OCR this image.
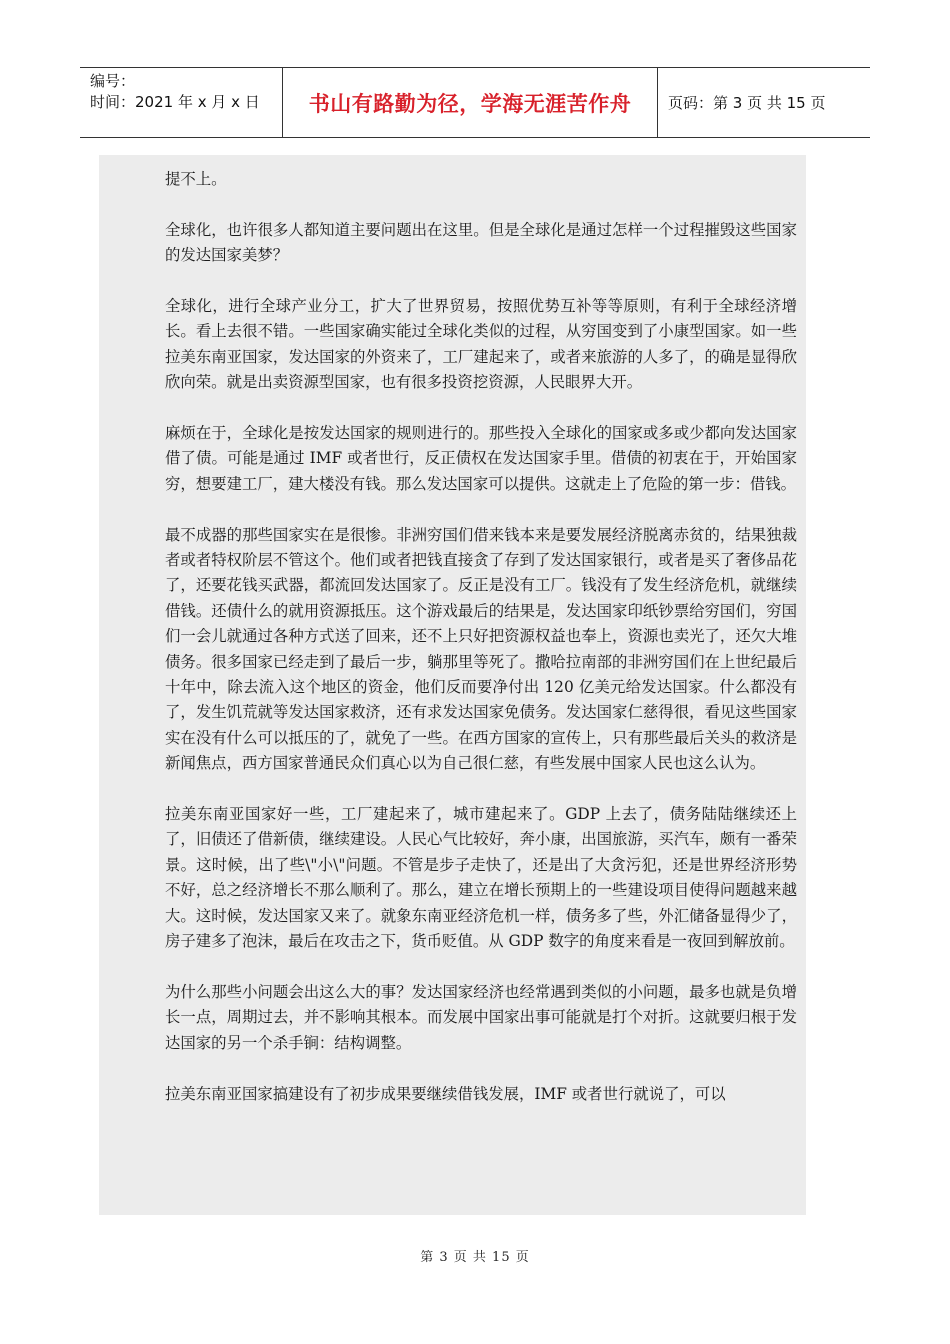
编号：
时间：2021 年 x 月 x 日	书山有路勤为径，学海无涯苦作舟 页码：第 3 页 共 15 页

提不上。

全球化，也许很多人都知道主要问题出在这里。但是全球化是通过怎样一个过程摧毁这些国家的发达国家美梦？

全球化，进行全球产业分工，扩大了世界贸易，按照优势互补等等原则，有利于全球经济增长。看上去很不错。一些国家确实能过全球化类似的过程，从穷国变到了小康型国家。如一些拉美东南亚国家，发达国家的外资来了，工厂建起来了，或者来旅游的人多了，的确是显得欣欣向荣。就是出卖资源型国家，也有很多投资挖资源，人民眼界大开。

麻烦在于，全球化是按发达国家的规则进行的。那些投入全球化的国家或多或少都向发达国家借了债。可能是通过 IMF 或者世行，反正债权在发达国家手里。借债的初衷在于，开始国家穷，想要建工厂，建大楼没有钱。那么发达国家可以提供。这就走上了危险的第一步：借钱。

最不成器的那些国家实在是很惨。非洲穷国们借来钱本来是要发展经济脱离赤贫的，结果独裁者或者特权阶层不管这个。他们或者把钱直接贪了存到了发达国家银行，或者是买了奢侈品花了，还要花钱买武器，都流回发达国家了。反正是没有工厂。钱没有了发生经济危机，就继续借钱。还债什么的就用资源抵压。这个游戏最后的结果是，发达国家印纸钞票给穷国们，穷国们一会儿就通过各种方式送了回来，还不上只好把资源权益也奉上，资源也卖光了，还欠大堆债务。很多国家已经走到了最后一步，躺那里等死了。撒哈拉南部的非洲穷国们在上世纪最后十年中，除去流入这个地区的资金，他们反而要净付出 120 亿美元给发达国家。什么都没有了，发生饥荒就等发达国家救济，还有求发达国家免债务。发达国家仁慈得很，看见这些国家实在没有什么可以抵压的了，就免了一些。在西方国家的宣传上，只有那些最后关头的救济是新闻焦点，西方国家普通民众们真心以为自己很仁慈，有些发展中国家人民也这么认为。

拉美东南亚国家好一些，工厂建起来了，城市建起来了。GDP 上去了，债务陆陆继续还上了，旧债还了借新债，继续建设。人民心气比较好，奔小康，出国旅游，买汽车，颇有一番荣景。这时候，出了些\"小\"问题。不管是步子走快了，还是出了大贪污犯，还是世界经济形势不好，总之经济增长不那么顺利了。那么，建立在增长预期上的一些建设项目使得问题越来越大。这时候，发达国家又来了。就象东南亚经济危机一样，债务多了些，外汇储备显得少了，房子建多了泡沫，最后在攻击之下，货币贬值。从 GDP 数字的角度来看是一夜回到解放前。

为什么那些小问题会出这么大的事？发达国家经济也经常遇到类似的小问题，最多也就是负增长一点，周期过去，并不影响其根本。而发展中国家出事可能就是打个对折。这就要归根于发达国家的另一个杀手锏：结构调整。

拉美东南亚国家搞建设有了初步成果要继续借钱发展，IMF 或者世行就说了，可以

第 3 页 共 15 页
